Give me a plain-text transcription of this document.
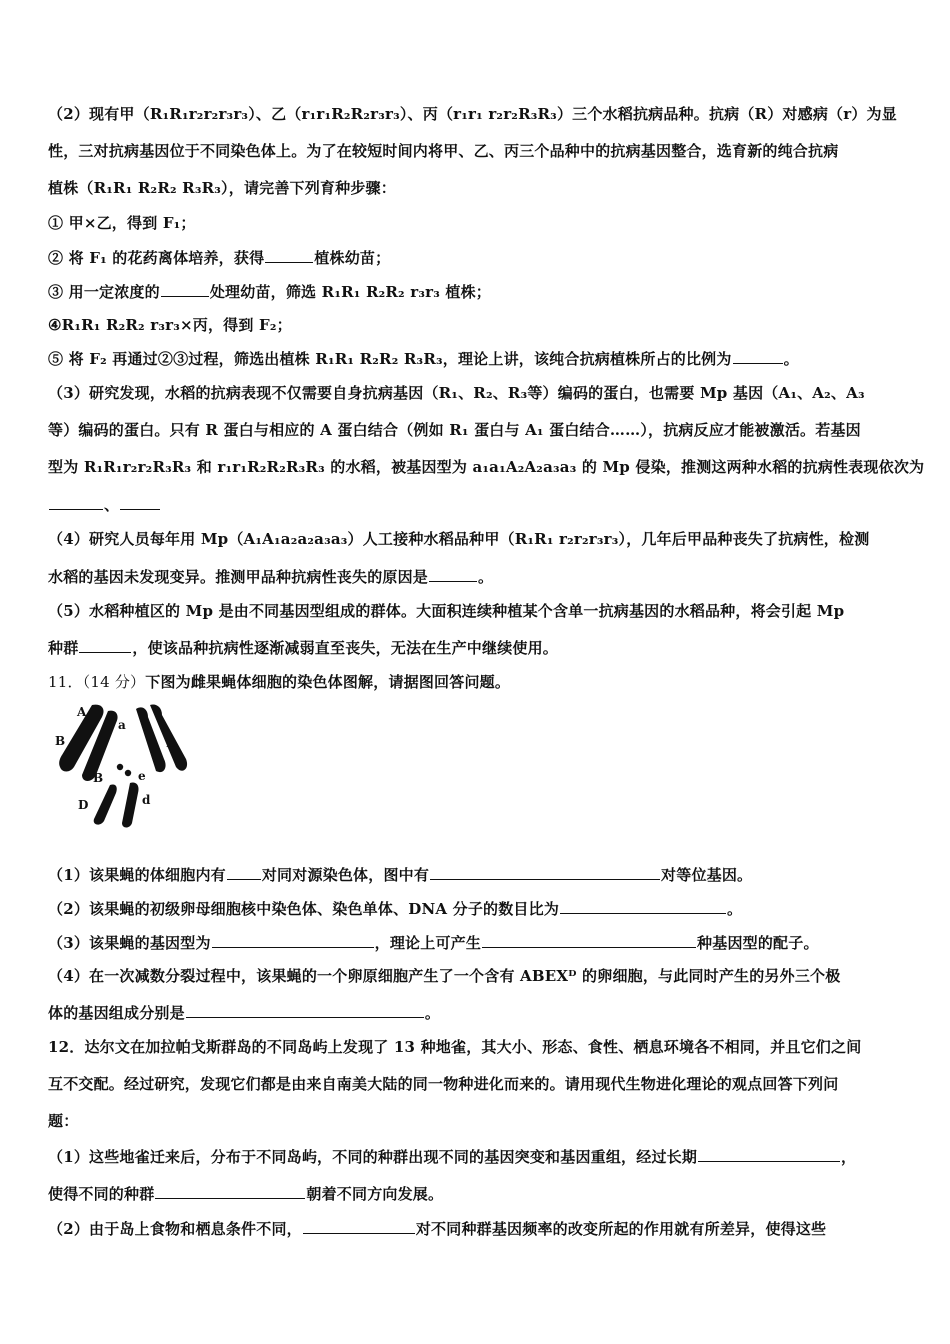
（2）现有甲（R₁R₁r₂r₂r₃r₃）、乙（r₁r₁R₂R₂r₃r₃）、丙（r₁r₁ r₂r₂R₃R₃）三个水稻抗病品种。抗病（R）对感病（r）为显
性，三对抗病基因位于不同染色体上。为了在较短时间内将甲、乙、丙三个品种中的抗病基因整合，选育新的纯合抗病
植株（R₁R₁ R₂R₂ R₃R₃），请完善下列育种步骤：
① 甲×乙，得到 F₁；
② 将 F₁ 的花药离体培养，获得	植株幼苗；
③ 用一定浓度的	处理幼苗，筛选 R₁R₁ R₂R₂ r₃r₃ 植株；
④R₁R₁ R₂R₂ r₃r₃×丙，得到 F₂；
⑤ 将 F₂ 再通过②③过程，筛选出植株 R₁R₁ R₂R₂ R₃R₃，理论上讲，该纯合抗病植株所占的比例为	。
（3）研究发现，水稻的抗病表现不仅需要自身抗病基因（R₁、R₂、R₃等）编码的蛋白，也需要 Mp 基因（A₁、A₂、A₃
等）编码的蛋白。只有 R 蛋白与相应的 A 蛋白结合（例如 R₁ 蛋白与 A₁ 蛋白结合……），抗病反应才能被激活。若基因
型为 R₁R₁r₂r₂R₃R₃ 和 r₁r₁R₂R₂R₃R₃ 的水稻，被基因型为 a₁a₁A₂A₂a₃a₃ 的 Mp 侵染，推测这两种水稻的抗病性表现依次为
、
（4）研究人员每年用 Mp（A₁A₁a₂a₂a₃a₃）人工接种水稻品种甲（R₁R₁ r₂r₂r₃r₃），几年后甲品种丧失了抗病性，检测
水稻的基因未发现变异。推测甲品种抗病性丧失的原因是	。
（5）水稻种植区的 Mp 是由不同基因型组成的群体。大面积连续种植某个含单一抗病基因的水稻品种，将会引起 Mp
种群	，使该品种抗病性逐渐减弱直至丧失，无法在生产中继续使用。
11．（14 分）下图为雌果蝇体细胞的染色体图解，请据图回答问题。
A
a
B	E
B	e
D	d
（1）该果蝇的体细胞内有 对同对源染色体，图中有	对等位基因。
（2）该果蝇的初级卵母细胞核中染色体、染色单体、DNA 分子的数目比为	。
（3）该果蝇的基因型为	，理论上可产生	种基因型的配子。
（4）在一次减数分裂过程中，该果蝇的一个卵原细胞产生了一个含有 ABEXᴰ 的卵细胞，与此同时产生的另外三个极
体的基因组成分别是	。
12．达尔文在加拉帕戈斯群岛的不同岛屿上发现了 13 种地雀，其大小、形态、食性、栖息环境各不相同，并且它们之间
互不交配。经过研究，发现它们都是由来自南美大陆的同一物种进化而来的。请用现代生物进化理论的观点回答下列问
题：
（1）这些地雀迁来后，分布于不同岛屿，不同的种群出现不同的基因突变和基因重组，经过长期	，
使得不同的种群	朝着不同方向发展。
（2）由于岛上食物和栖息条件不同，	对不同种群基因频率的改变所起的作用就有所差异，使得这些
